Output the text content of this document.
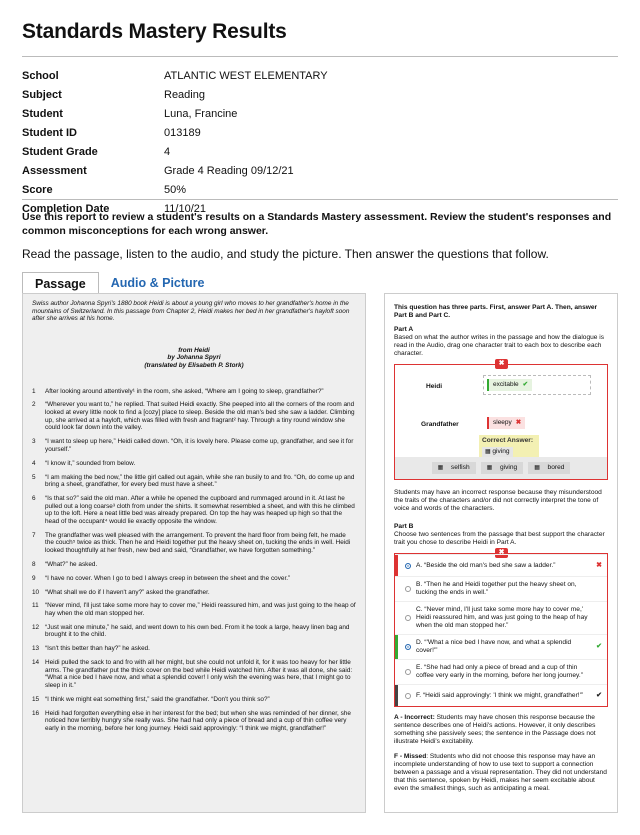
Standards Mastery Results
School	ATLANTIC WEST ELEMENTARY
Subject	Reading
Student	Luna, Francine
Student ID	013189
Student Grade	4
Assessment	Grade 4 Reading 09/12/21
Score	50%
Completion Date	11/10/21
Use this report to review a student's results on a Standards Mastery assessment. Review the student's responses and common misconceptions for each wrong answer.
Read the passage, listen to the audio, and study the picture. Then answer the questions that follow.
Passage	Audio & Picture
Swiss author Johanna Spyri's 1880 book Heidi is about a young girl who moves to her grandfather's home in the mountains of Switzerland. In this passage from Chapter 2, Heidi makes her bed in her grandfather's hayloft soon after she arrives at his home.
from Heidi
by Johanna Spyri
(translated by Elisabeth P. Stork)
1	After looking around attentively¹ in the room, she asked, “Where am I going to sleep, grandfather?”
2	“Wherever you want to,” he replied. That suited Heidi exactly. She peeped into all the corners of the room and looked at every little nook to find a [cozy] place to sleep. Beside the old man's bed she saw a ladder. Climbing up, she arrived at a hayloft, which was filled with fresh and fragrant² hay. Through a tiny round window she could look far down into the valley.
3	“I want to sleep up here,” Heidi called down. “Oh, it is lovely here. Please come up, grandfather, and see it for yourself.”
4	“I know it,” sounded from below.
5	“I am making the bed now,” the little girl called out again, while she ran busily to and fro. “Oh, do come up and bring a sheet, grandfather, for every bed must have a sheet.”
6	“Is that so?” said the old man. After a while he opened the cupboard and rummaged around in it. At last he pulled out a long coarse³ cloth from under the shirts. It somewhat resembled a sheet, and with this he climbed up to the loft. Here a neat little bed was already prepared. On top the hay was heaped up high so that the head of the occupant⁴ would lie exactly opposite the window.
7	The grandfather was well pleased with the arrangement. To prevent the hard floor from being felt, he made the couch⁵ twice as thick. Then he and Heidi together put the heavy sheet on, tucking the ends in well. Heidi looked thoughtfully at her fresh, new bed and said, “Grandfather, we have forgotten something.”
8	“What?” he asked.
9	“I have no cover. When I go to bed I always creep in between the sheet and the cover.”
10 “What shall we do if I haven't any?” asked the grandfather.
11 “Never mind, I'll just take some more hay to cover me,” Heidi reassured him, and was just going to the heap of hay when the old man stopped her.
12 “Just wait one minute,” he said, and went down to his own bed. From it he took a large, heavy linen bag and brought it to the child.
13 “Isn't this better than hay?” he asked.
14 Heidi pulled the sack to and fro with all her might, but she could not unfold it, for it was too heavy for her little arms. The grandfather put the thick cover on the bed while Heidi watched him. After it was all done, she said: “What a nice bed I have now, and what a splendid cover! I only wish the evening was here, that I might go to sleep in it.”
15 “I think we might eat something first,” said the grandfather. “Don't you think so?”
16 Heidi had forgotten everything else in her interest for the bed; but when she was reminded of her dinner, she noticed how terribly hungry she really was. She had had only a piece of bread and a cup of thin coffee very early in the morning, before her long journey. Heidi said approvingly: “I think we might, grandfather!”
This question has three parts. First, answer Part A. Then, answer Part B and Part C.
Part A
Based on what the author writes in the passage and how the dialogue is read in the Audio, drag one character trait to each box to describe each character.
✖
Heidi	excitable ✔
Grandfather	sleepy ✖
Correct Answer:
▦ giving
▦ selfish	▦ giving	▦ bored
Students may have an incorrect response because they misunderstood the traits of the characters and/or did not correctly interpret the tone of voice and words of the characters.
Part B
Choose two sentences from the passage that best support the character trait you chose to describe Heidi in Part A.
✖
A. “Beside the old man's bed she saw a ladder.”	✖
B. “Then he and Heidi together put the heavy sheet on, tucking the ends in well.”
C. “Never mind, I'll just take some more hay to cover me,' Heidi reassured him, and was just going to the heap of hay when the old man stopped her.”
D. “'What a nice bed I have now, and what a splendid cover!'”
✔
E. “She had had only a piece of bread and a cup of thin coffee very early in the morning, before her long journey.”
F. “Heidi said approvingly: 'I think we might, grandfather!'”	✔
A - Incorrect: Students may have chosen this response because the sentence describes one of Heidi's actions. However, it only describes something she passively sees; the sentence in the Passage does not illustrate Heidi's excitability.
F - Missed: Students who did not choose this response may have an incomplete understanding of how to use text to support a connection between a passage and a visual representation. They did not understand that this sentence, spoken by Heidi, makes her seem excitable about even the smallest things, such as anticipating a meal.
